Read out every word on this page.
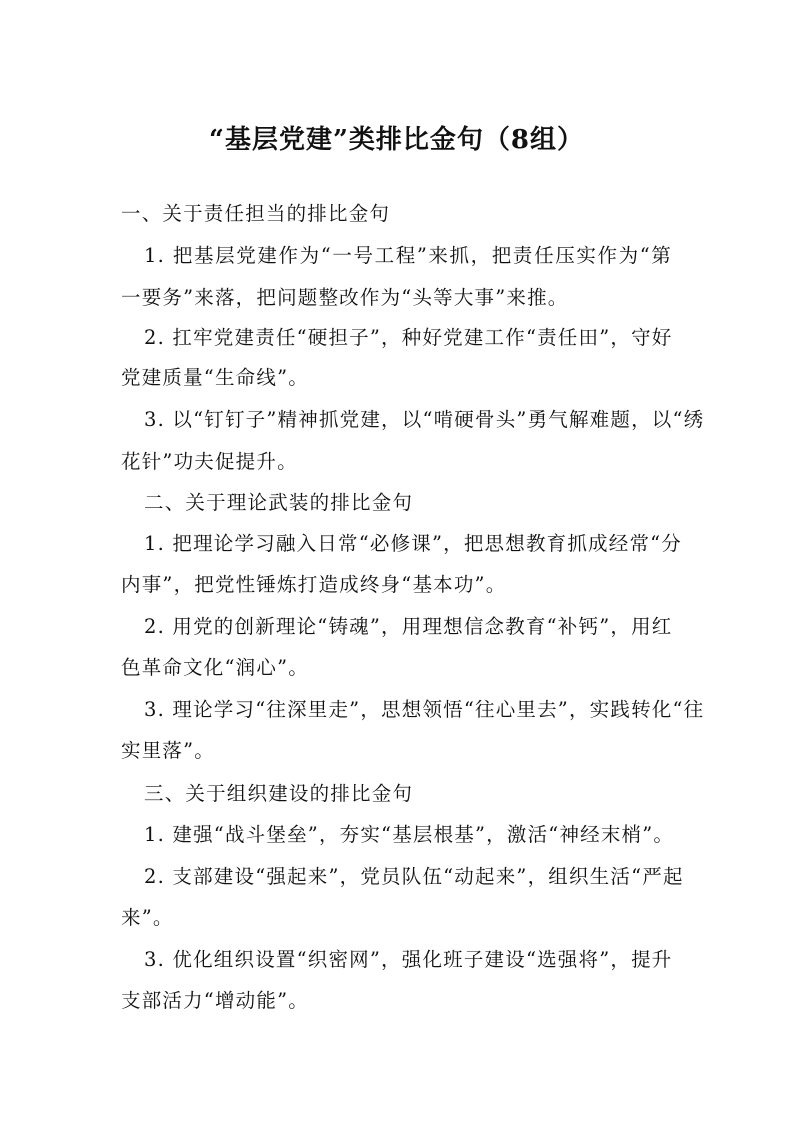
“基层党建”类排比金句（8组）
一、关于责任担当的排比金句
1. 把基层党建作为“一号工程”来抓，把责任压实作为“第
一要务”来落，把问题整改作为“头等大事”来推。
2. 扛牢党建责任“硬担子”，种好党建工作“责任田”，守好
党建质量“生命线”。
3. 以“钉钉子”精神抓党建，以“啃硬骨头”勇气解难题，以“绣
花针”功夫促提升。
二、关于理论武装的排比金句
1. 把理论学习融入日常“必修课”，把思想教育抓成经常“分
内事”，把党性锤炼打造成终身“基本功”。
2. 用党的创新理论“铸魂”，用理想信念教育“补钙”，用红
色革命文化“润心”。
3. 理论学习“往深里走”，思想领悟“往心里去”，实践转化“往
实里落”。
三、关于组织建设的排比金句
1. 建强“战斗堡垒”，夯实“基层根基”，激活“神经末梢”。
2. 支部建设“强起来”，党员队伍“动起来”，组织生活“严起
来”。
3. 优化组织设置“织密网”，强化班子建设“选强将”，提升
支部活力“增动能”。
